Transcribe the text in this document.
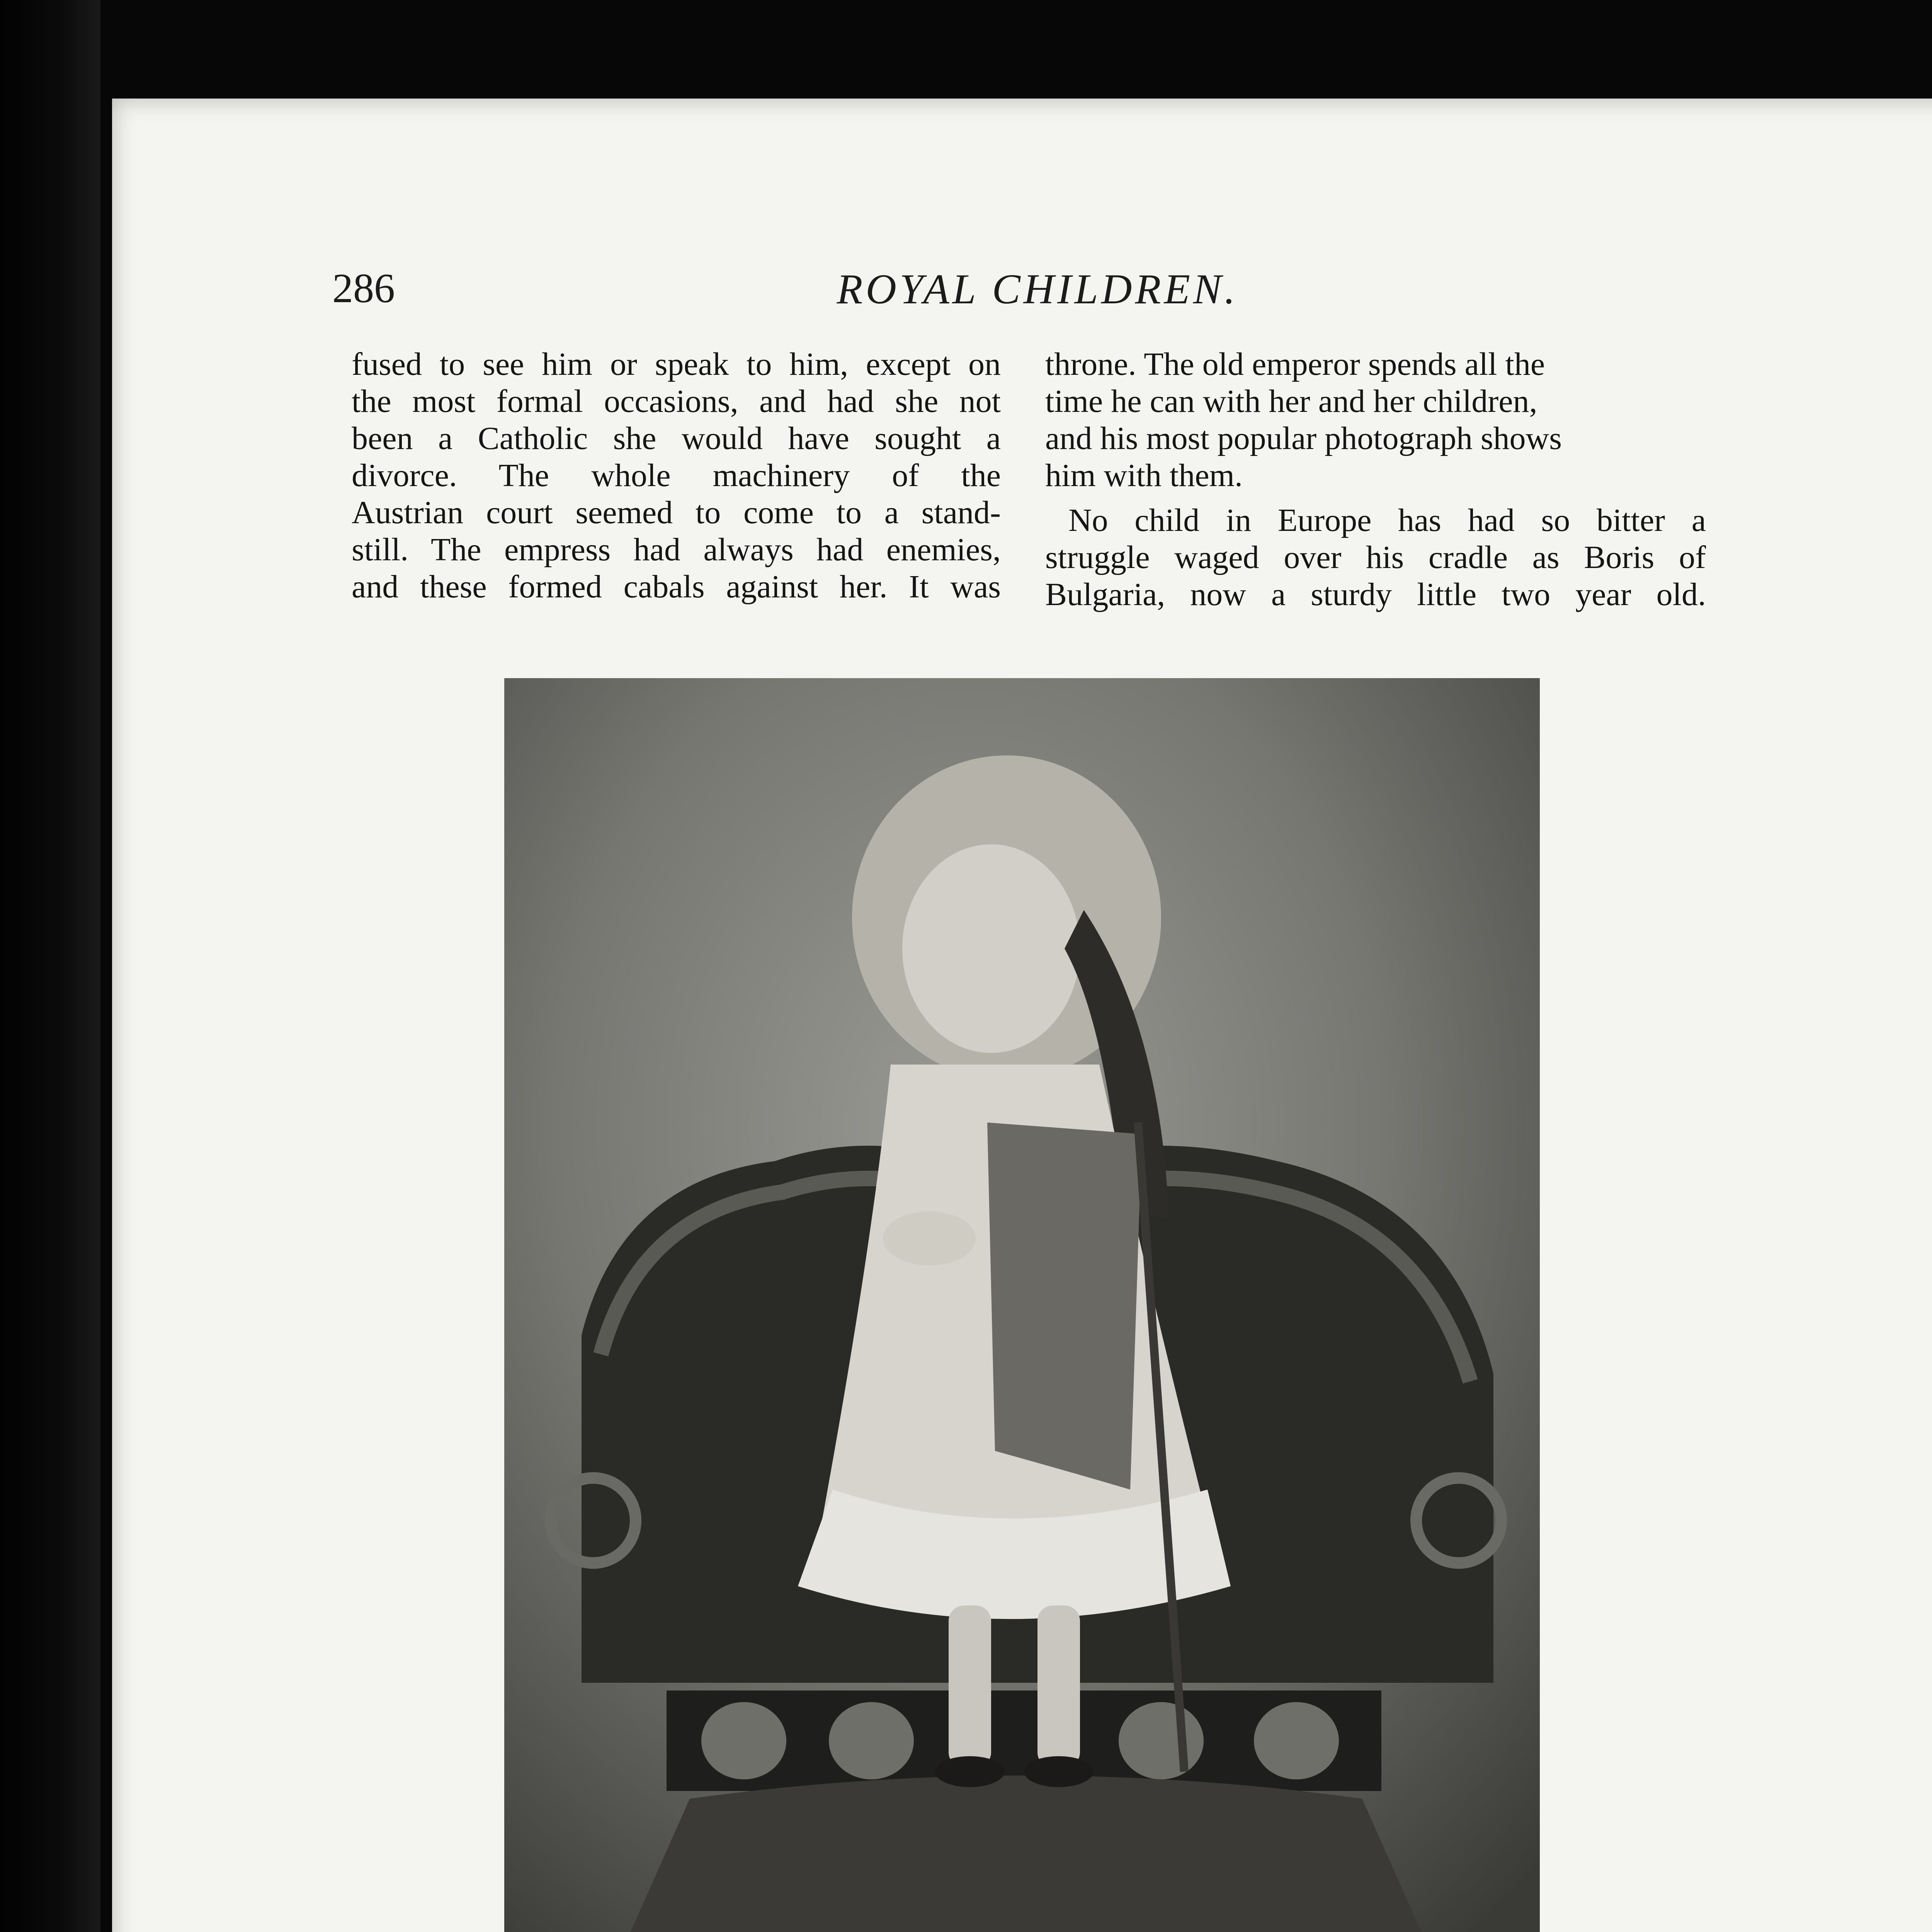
286	ROYAL CHILDREN.

fused to see him or speak to him, except on
the most formal occasions, and had she not
been a Catholic she would have sought a
divorce. The whole machinery of the
Austrian court seemed to come to a stand-
still. The empress had always had enemies,
and these formed cabals against her. It was

throne. The old emperor spends all the
time he can with her and her children,
and his most popular photograph shows
him with them.

No child in Europe has had so bitter a
struggle waged over his cradle as Boris of
Bulgaria, now a sturdy little two year old.
